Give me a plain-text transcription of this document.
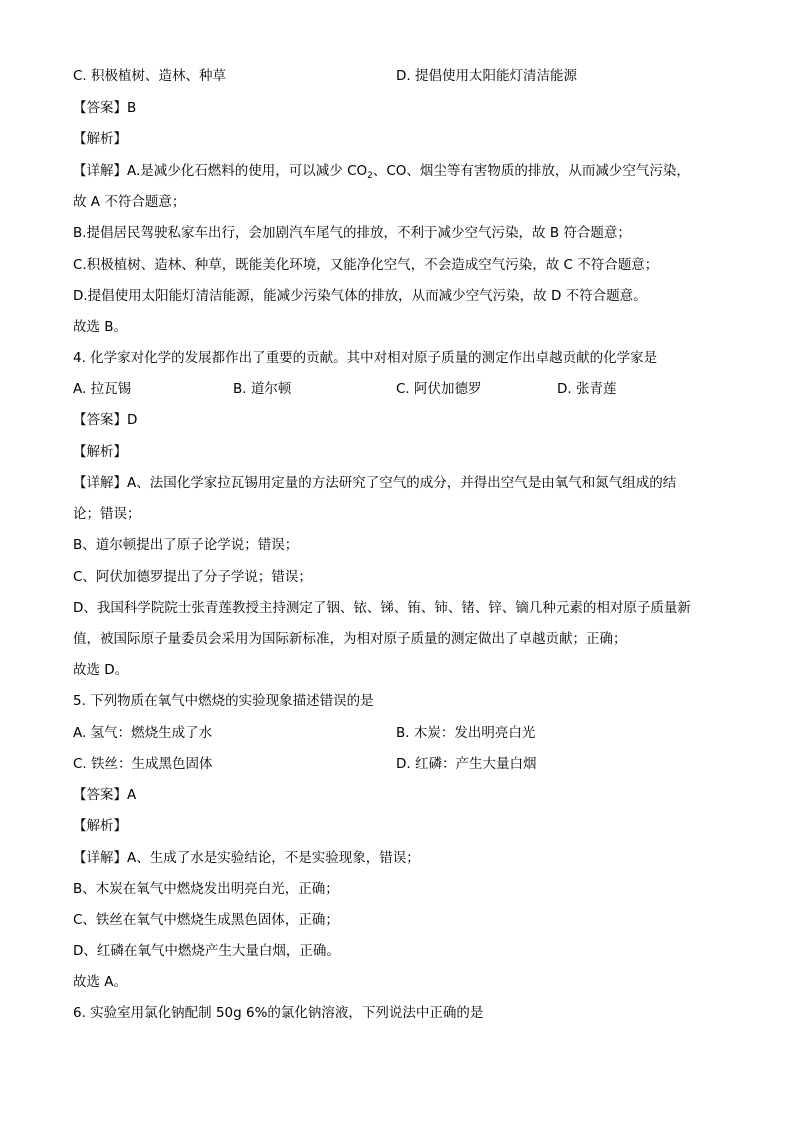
C. 积极植树、造林、种草	D. 提倡使用太阳能灯清洁能源
【答案】B
【解析】
【详解】A.是减少化石燃料的使用，可以减少 $CO_2$、CO、烟尘等有害物质的排放，从而减少空气污染，
故 A 不符合题意；
B.提倡居民驾驶私家车出行，会加剧汽车尾气的排放，不利于减少空气污染，故 B 符合题意；
C.积极植树、造林、种草，既能美化环境，又能净化空气，不会造成空气污染，故 C 不符合题意；
D.提倡使用太阳能灯清洁能源，能减少污染气体的排放，从而减少空气污染，故 D 不符合题意。
故选 B。
4. 化学家对化学的发展都作出了重要的贡献。其中对相对原子质量的测定作出卓越贡献的化学家是
A. 拉瓦锡	B. 道尔顿	C. 阿伏加德罗	D. 张青莲
【答案】D
【解析】
【详解】A、法国化学家拉瓦锡用定量的方法研究了空气的成分，并得出空气是由氧气和氮气组成的结
论；错误；
B、道尔顿提出了原子论学说；错误；
C、阿伏加德罗提出了分子学说；错误；
D、我国科学院院士张青莲教授主持测定了铟、铱、锑、铕、铈、锗、锌、镝几种元素的相对原子质量新
值，被国际原子量委员会采用为国际新标准，为相对原子质量的测定做出了卓越贡献；正确；
故选 D。
5. 下列物质在氧气中燃烧的实验现象描述错误的是
A. 氢气：燃烧生成了水	B. 木炭：发出明亮白光
C. 铁丝：生成黑色固体	D. 红磷：产生大量白烟
【答案】A
【解析】
【详解】A、生成了水是实验结论，不是实验现象，错误；
B、木炭在氧气中燃烧发出明亮白光，正确；
C、铁丝在氧气中燃烧生成黑色固体，正确；
D、红磷在氧气中燃烧产生大量白烟，正确。
故选 A。
6. 实验室用氯化钠配制 50g 6%的氯化钠溶液，下列说法中正确的是
